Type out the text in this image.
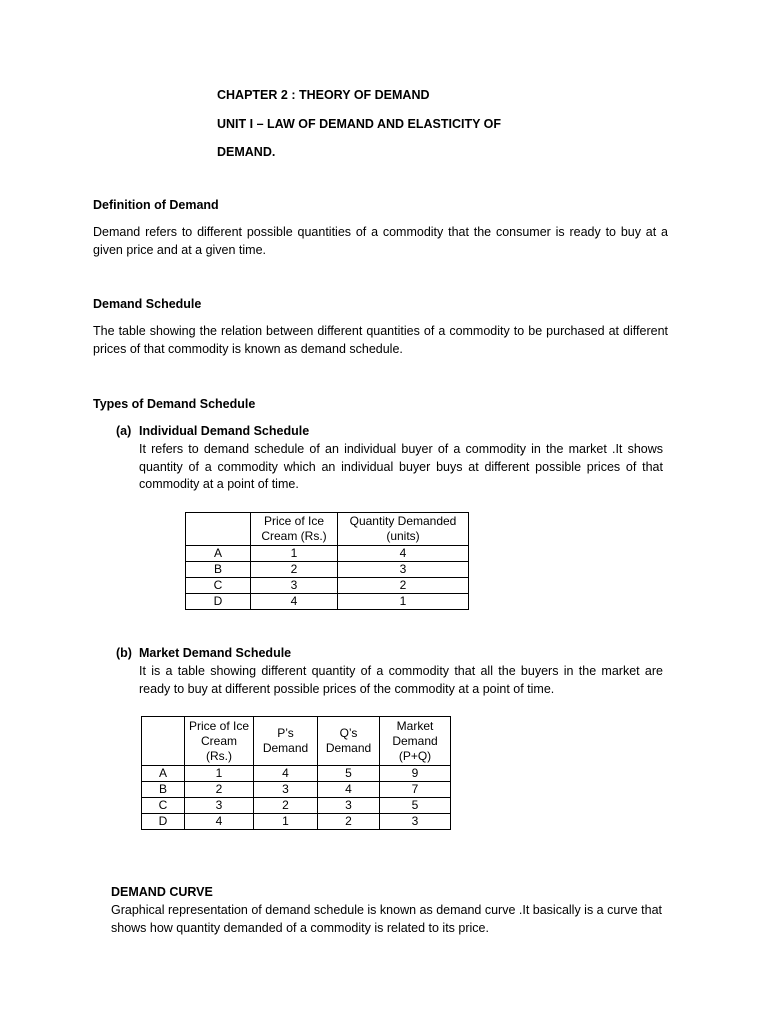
CHAPTER 2 : THEORY OF DEMAND
UNIT I – LAW OF DEMAND AND ELASTICITY OF
DEMAND.
Definition of Demand
Demand refers to different possible quantities of a commodity that the consumer is ready to buy at a given price and at a given time.
Demand Schedule
The table showing the relation between different quantities of a commodity to be purchased at different prices of that commodity is known as demand schedule.
Types of Demand Schedule
(a) Individual Demand Schedule
It refers to demand schedule of an individual buyer of a commodity in the market .It shows quantity of a commodity which an individual buyer buys at different possible prices of that commodity at a point of time.
	Price of Ice Cream (Rs.)	Quantity Demanded (units)
A	1	4
B	2	3
C	3	2
D	4	1
(b) Market Demand Schedule
It is a table showing different quantity of a commodity that all the buyers in the market are ready to buy at different possible prices of the commodity at a point of time.
	Price of Ice Cream (Rs.)	P’s Demand	Q’s Demand	Market Demand (P+Q)
A	1	4	5	9
B	2	3	4	7
C	3	2	3	5
D	4	1	2	3
DEMAND CURVE
Graphical representation of demand schedule is known as demand curve .It basically is a curve that shows how quantity demanded of a commodity is related to its price.
